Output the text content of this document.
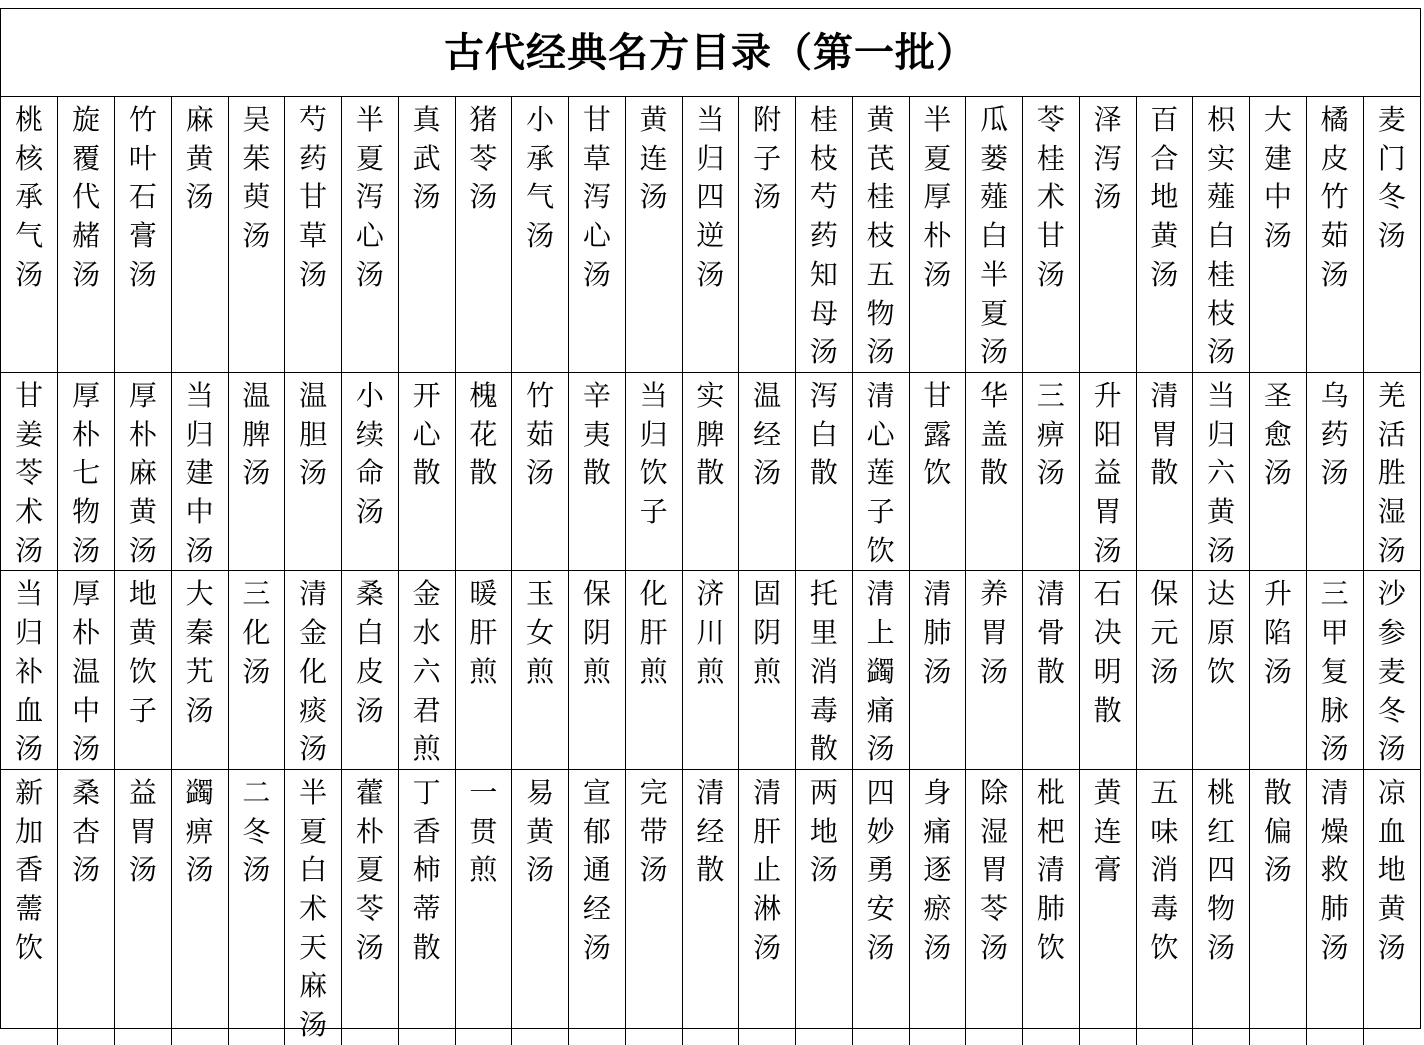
古代经典名方目录（第一批）
桃核承气汤	旋覆代赭汤	竹叶石膏汤	麻黄汤	吴茱萸汤	芍药甘草汤	半夏泻心汤	真武汤	猪苓汤	小承气汤	甘草泻心汤	黄连汤	当归四逆汤	附子汤	桂枝芍药知母汤	黄芪桂枝五物汤	半夏厚朴汤	瓜蒌薤白半夏汤	苓桂术甘汤	泽泻汤	百合地黄汤	枳实薤白桂枝汤	大建中汤	橘皮竹茹汤	麦门冬汤

甘姜苓术汤	厚朴七物汤	厚朴麻黄汤	当归建中汤	温脾汤	温胆汤	小续命汤	开心散	槐花散	竹茹汤	辛夷散	当归饮子	实脾散	温经汤	泻白散	清心莲子饮	甘露饮	华盖散	三痹汤	升阳益胃汤	清胃散	当归六黄汤	圣愈汤	乌药汤	羌活胜湿汤

当归补血汤	厚朴温中汤	地黄饮子	大秦艽汤	三化汤	清金化痰汤	桑白皮汤	金水六君煎	暖肝煎	玉女煎	保阴煎	化肝煎	济川煎	固阴煎	托里消毒散	清上蠲痛汤	清肺汤	养胃汤	清骨散	石决明散	保元汤	达原饮	升陷汤	三甲复脉汤	沙参麦冬汤

新加香薷饮	桑杏汤	益胃汤	蠲痹汤	二冬汤	半夏白术天麻汤	藿朴夏苓汤	丁香柿蒂散	一贯煎	易黄汤	宣郁通经汤	完带汤	清经散	清肝止淋汤	两地汤	四妙勇安汤	身痛逐瘀汤	除湿胃苓汤	枇杷清肺饮	黄连膏	五味消毒饮	桃红四物汤	散偏汤	清燥救肺汤	凉血地黄汤
